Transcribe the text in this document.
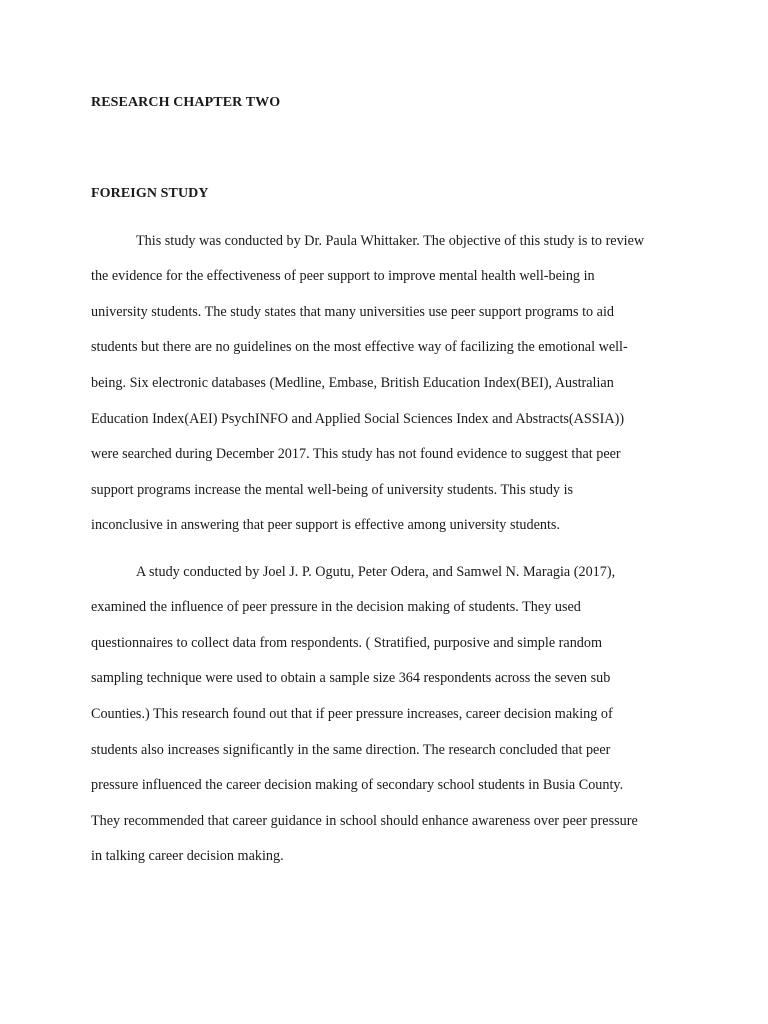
RESEARCH CHAPTER TWO
FOREIGN STUDY
This study was conducted by Dr. Paula Whittaker. The objective of this study is to review
the evidence for the effectiveness of peer support to improve mental health well-being in
university students. The study states that many universities use peer support programs to aid
students but there are no guidelines on the most effective way of facilizing the emotional well-
being. Six electronic databases (Medline, Embase, British Education Index(BEI), Australian
Education Index(AEI) PsychINFO and Applied Social Sciences Index and Abstracts(ASSIA))
were searched during December 2017. This study has not found evidence to suggest that peer
support programs increase the mental well-being of university students. This study is
inconclusive in answering that peer support is effective among university students.
A study conducted by Joel J. P. Ogutu, Peter Odera, and Samwel N. Maragia (2017),
examined the influence of peer pressure in the decision making of students. They used
questionnaires to collect data from respondents. ( Stratified, purposive and simple random
sampling technique were used to obtain a sample size 364 respondents across the seven sub
Counties.) This research found out that if peer pressure increases, career decision making of
students also increases significantly in the same direction. The research concluded that peer
pressure influenced the career decision making of secondary school students in Busia County.
They recommended that career guidance in school should enhance awareness over peer pressure
in talking career decision making.
